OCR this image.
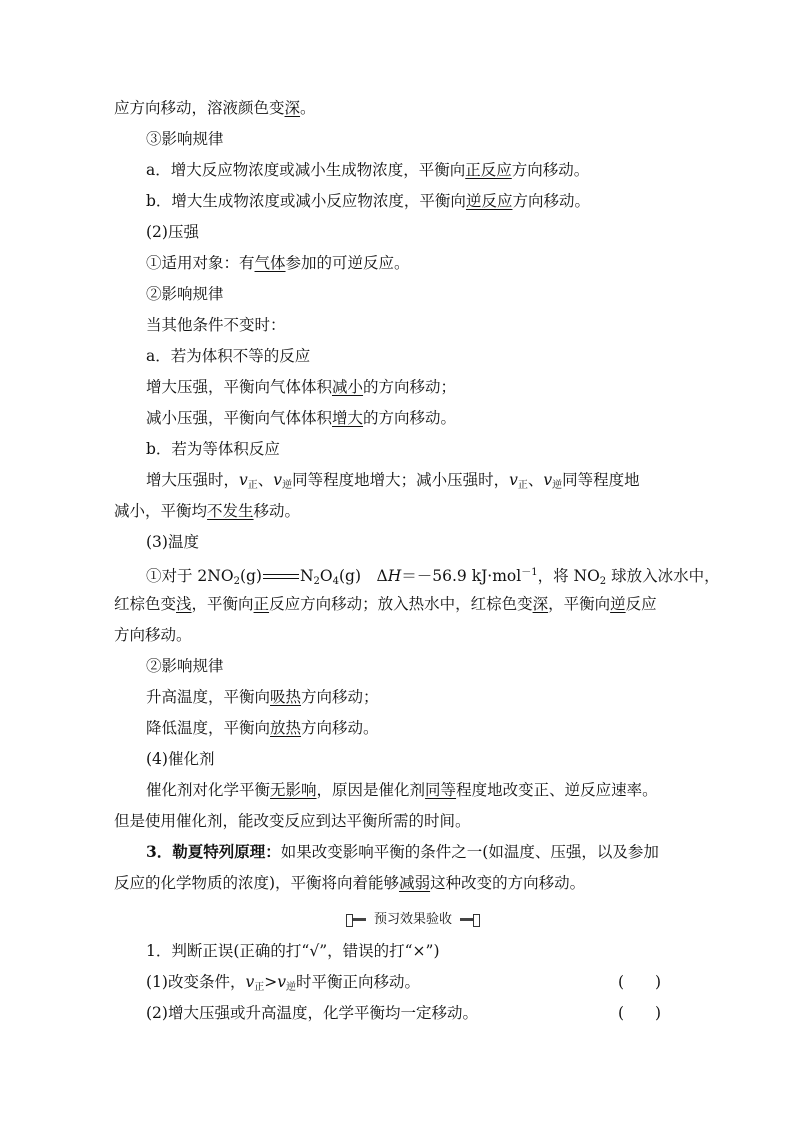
应方向移动，溶液颜色变深。
③影响规律
a．增大反应物浓度或减小生成物浓度，平衡向正反应方向移动。
b．增大生成物浓度或减小反应物浓度，平衡向逆反应方向移动。
(2)压强
①适用对象：有气体参加的可逆反应。
②影响规律
当其他条件不变时：
a．若为体积不等的反应
增大压强，平衡向气体体积减小的方向移动；
减小压强，平衡向气体体积增大的方向移动。
b．若为等体积反应
增大压强时，$v_正$、$v_逆$同等程度地增大；减小压强时，$v_正$、$v_逆$同等程度地
减小，平衡均不发生移动。
(3)温度
①对于 $2NO_2(g)$ $N_2O_4(g)$　ΔH＝－56.9 kJ·mol$^{-1}$，将 $NO_2$ 球放入冰水中，
红棕色变浅，平衡向正反应方向移动；放入热水中，红棕色变深，平衡向逆反应
方向移动。
②影响规律
升高温度，平衡向吸热方向移动；
降低温度，平衡向放热方向移动。
(4)催化剂
催化剂对化学平衡无影响，原因是催化剂同等程度地改变正、逆反应速率。
但是使用催化剂，能改变反应到达平衡所需的时间。
3．勒夏特列原理：如果改变影响平衡的条件之一(如温度、压强，以及参加
反应的化学物质的浓度)，平衡将向着能够减弱这种改变的方向移动。
预习效果验收
1．判断正误(正确的打“√”，错误的打“×”)
(1)改变条件，$v_正>v_逆$时平衡正向移动。	(　　)
(2)增大压强或升高温度，化学平衡均一定移动。	(　　)
